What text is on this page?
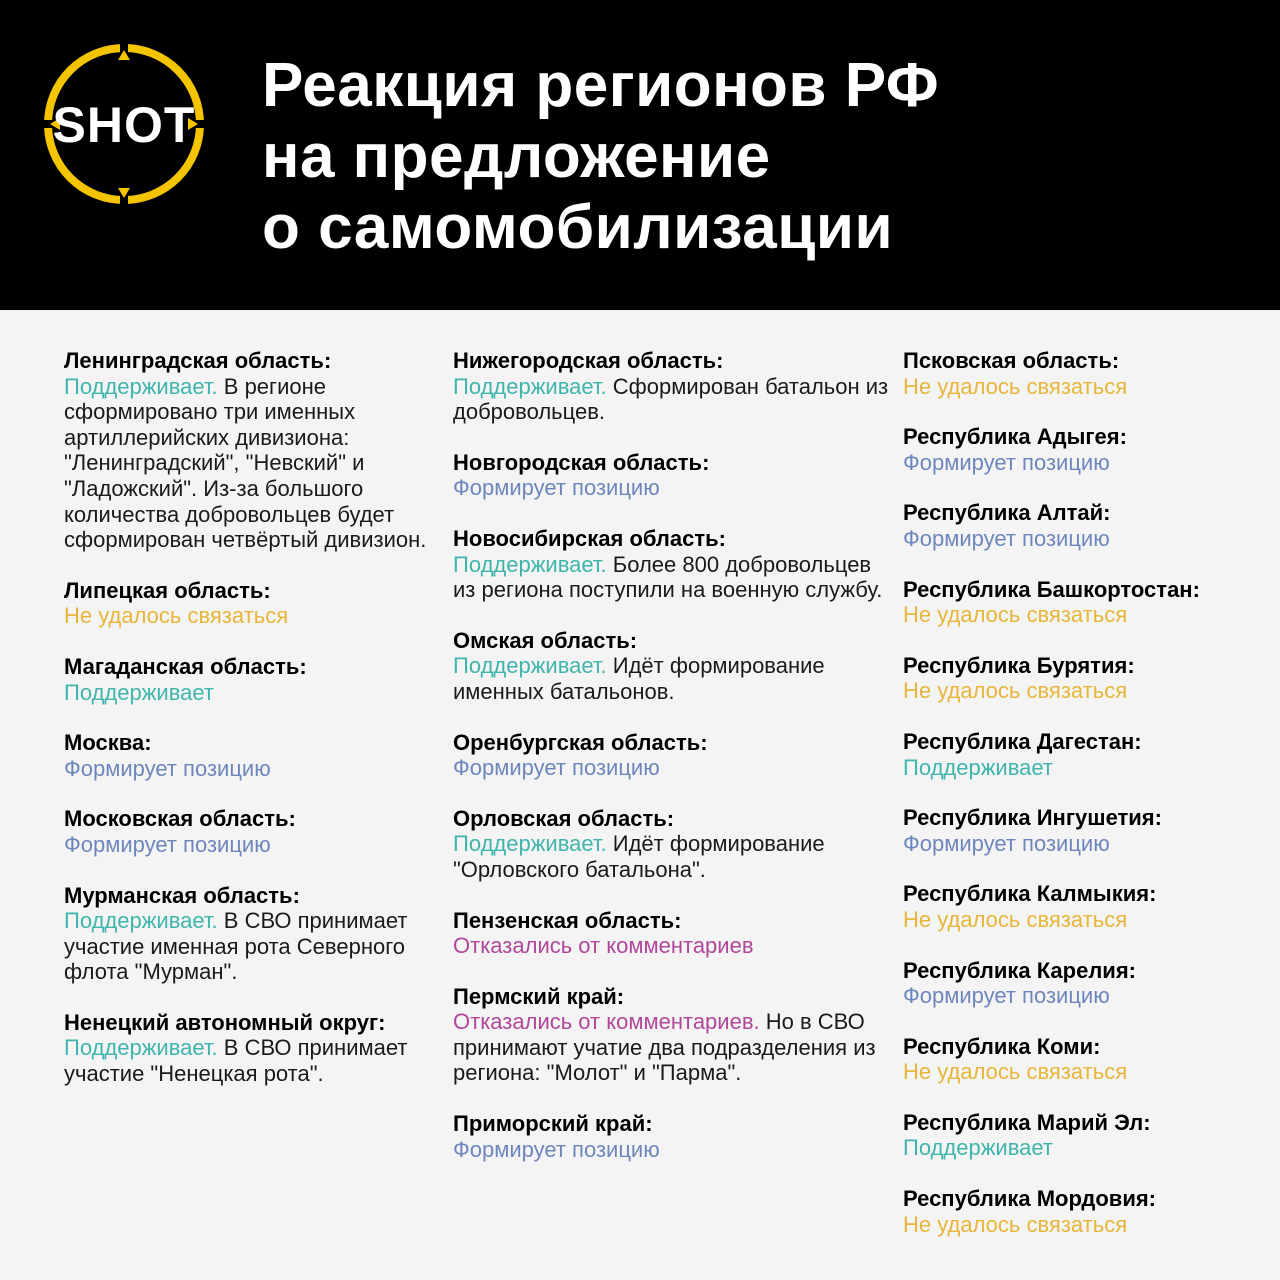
SHOT
Реакция регионов РФ
на предложение
о самомобилизации
Ленинградская область:
Поддерживает. В регионе сформировано три именных артиллерийских дивизиона: "Ленинградский", "Невский" и "Ладожский". Из-за большого количества добровольцев будет сформирован четвёртый дивизион.
Липецкая область:
Не удалось связаться
Магаданская область:
Поддерживает
Москва:
Формирует позицию
Московская область:
Формирует позицию
Мурманская область:
Поддерживает. В СВО принимает участие именная рота Северного флота "Мурман".
Ненецкий автономный округ:
Поддерживает. В СВО принимает участие "Ненецкая рота".
Нижегородская область:
Поддерживает. Сформирован батальон из добровольцев.
Новгородская область:
Формирует позицию
Новосибирская область:
Поддерживает. Более 800 добровольцев из региона поступили на военную службу.
Омская область:
Поддерживает. Идёт формирование именных батальонов.
Оренбургская область:
Формирует позицию
Орловская область:
Поддерживает. Идёт формирование "Орловского батальона".
Пензенская область:
Отказались от комментариев
Пермский край:
Отказались от комментариев. Но в СВО принимают учатие два подразделения из региона: "Молот" и "Парма".
Приморский край:
Формирует позицию
Псковская область:
Не удалось связаться
Республика Адыгея:
Формирует позицию
Республика Алтай:
Формирует позицию
Республика Башкортостан:
Не удалось связаться
Республика Бурятия:
Не удалось связаться
Республика Дагестан:
Поддерживает
Республика Ингушетия:
Формирует позицию
Республика Калмыкия:
Не удалось связаться
Республика Карелия:
Формирует позицию
Республика Коми:
Не удалось связаться
Республика Марий Эл:
Поддерживает
Республика Мордовия:
Не удалось связаться
